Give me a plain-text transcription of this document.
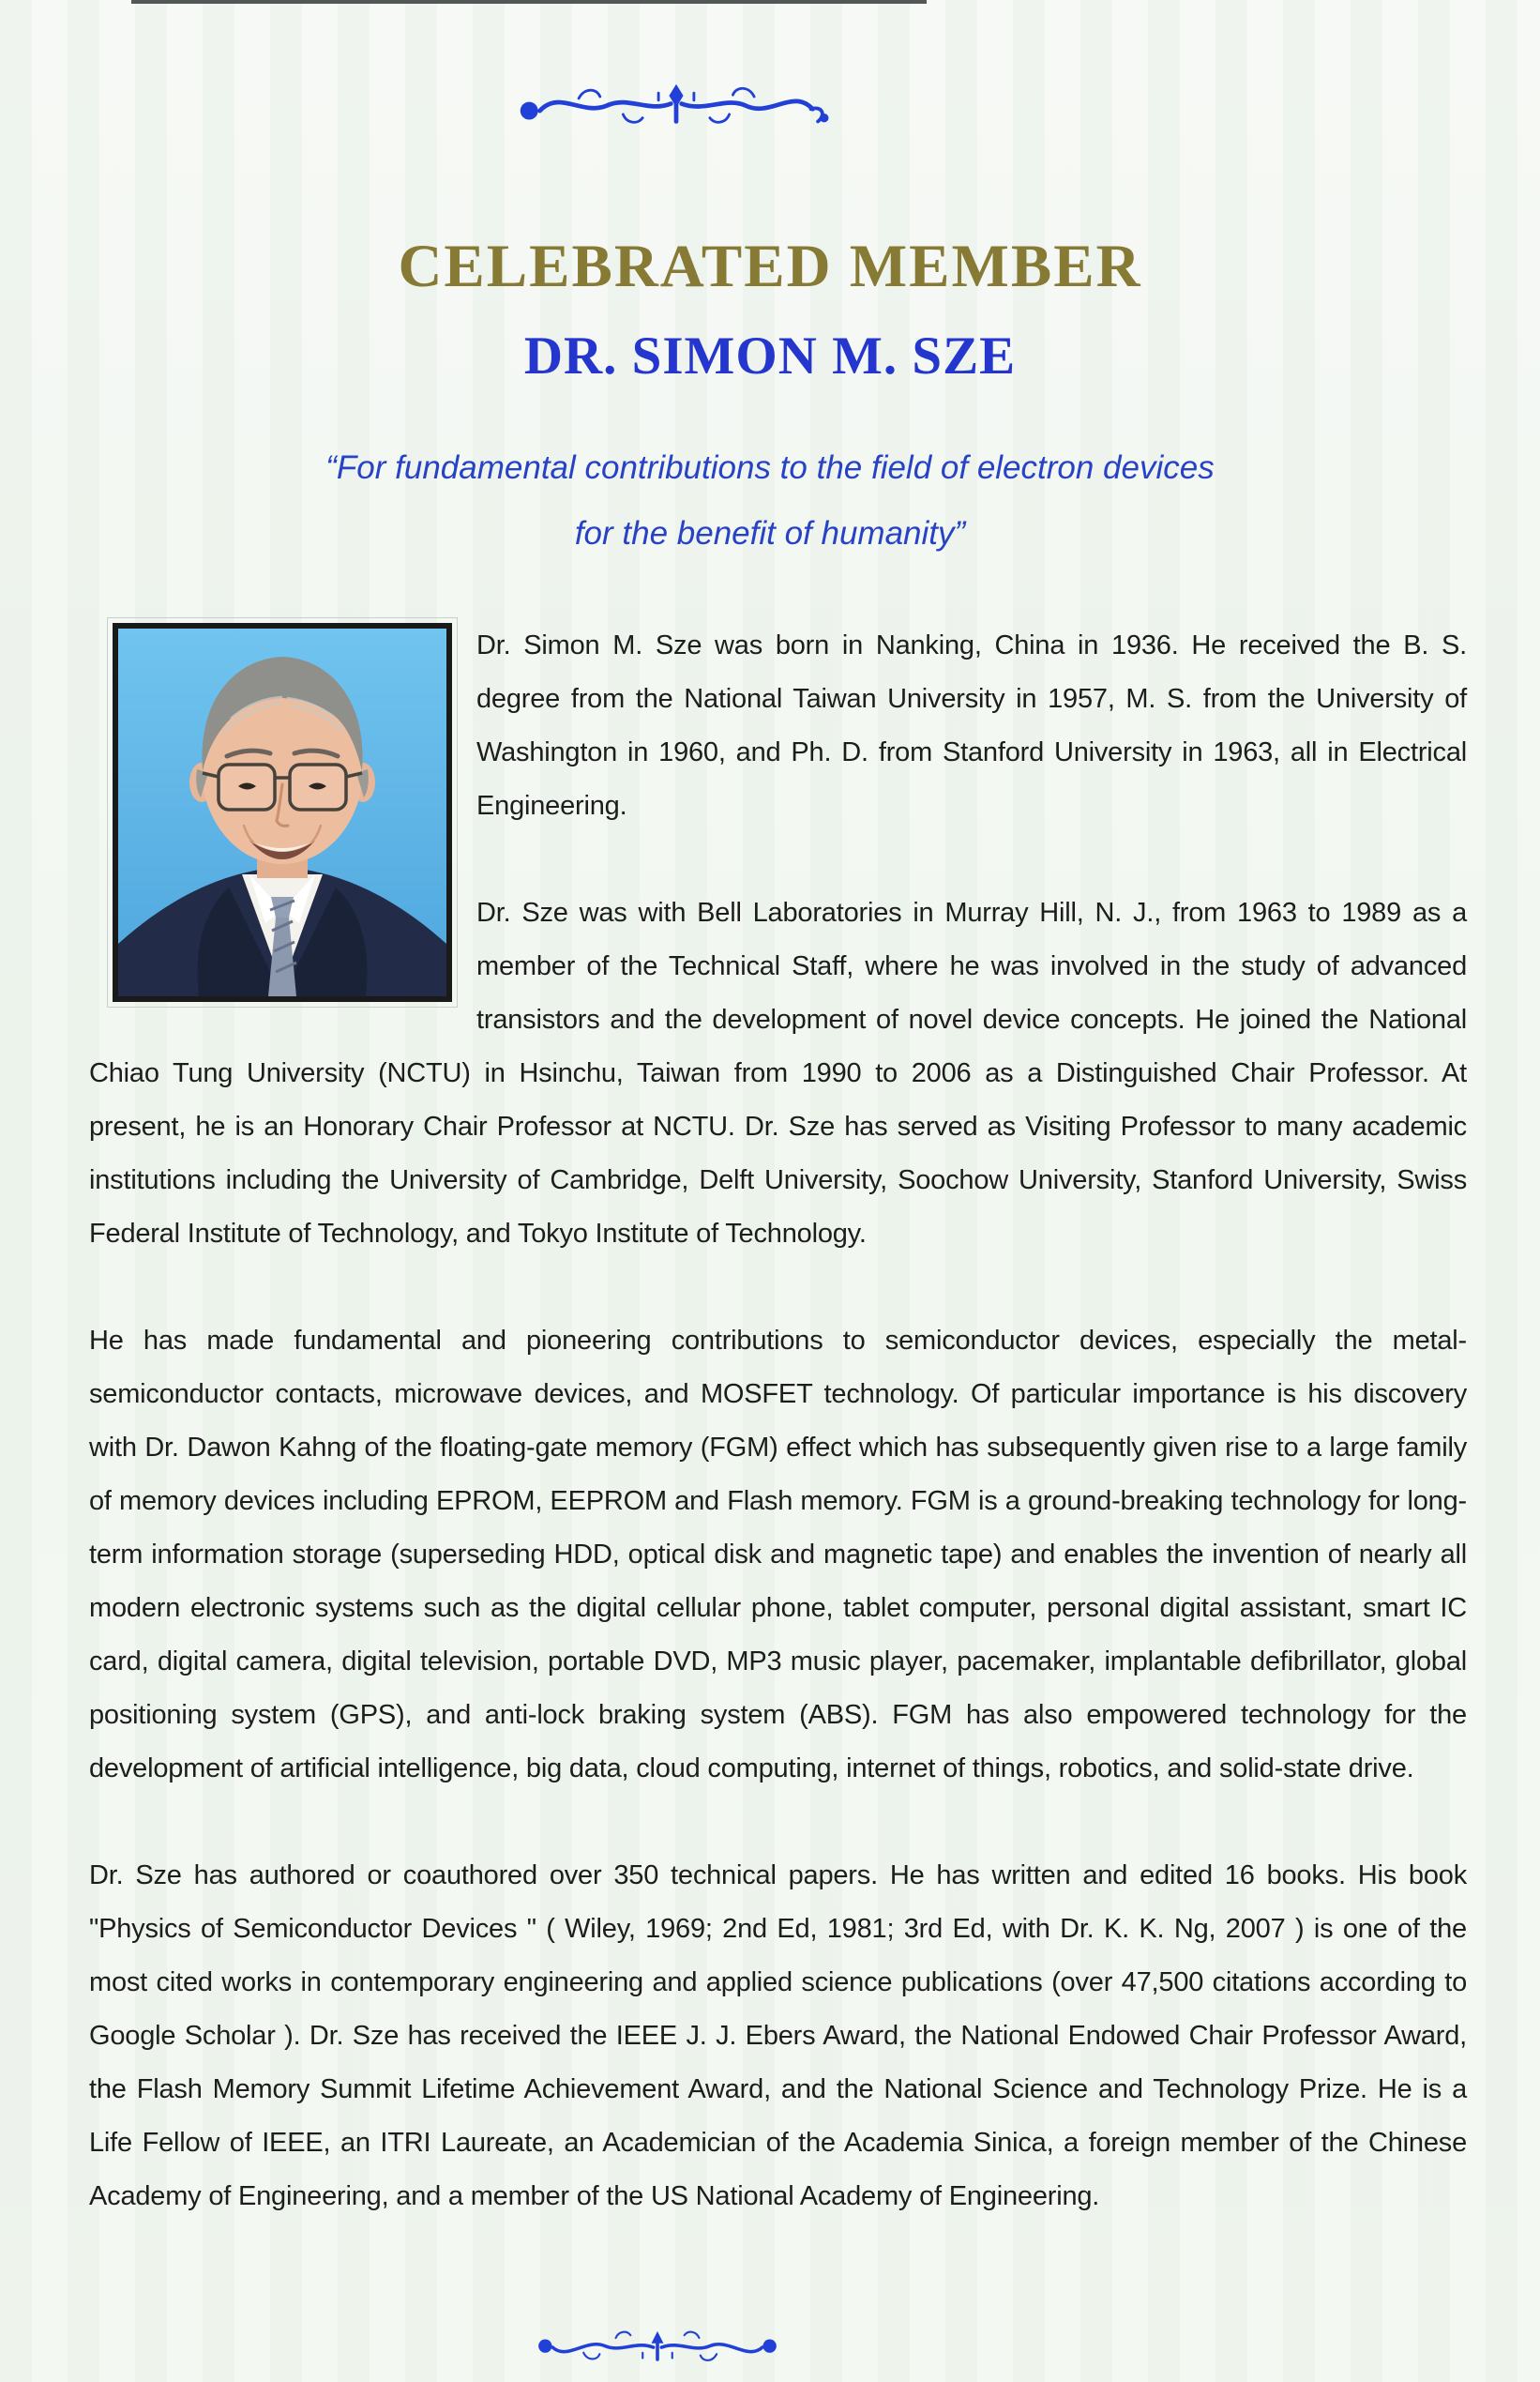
CELEBRATED MEMBER
DR. SIMON M. SZE
“For fundamental contributions to the field of electron devices
for the benefit of humanity”

Dr. Simon M. Sze was born in Nanking, China in 1936. He received the B. S. degree from the National Taiwan University in 1957, M. S. from the University of Washington in 1960, and Ph. D. from Stanford University in 1963, all in Electrical Engineering.

Dr. Sze was with Bell Laboratories in Murray Hill, N. J., from 1963 to 1989 as a member of the Technical Staff, where he was involved in the study of advanced transistors and the development of novel device concepts. He joined the National Chiao Tung University (NCTU) in Hsinchu, Taiwan from 1990 to 2006 as a Distinguished Chair Professor. At present, he is an Honorary Chair Professor at NCTU. Dr. Sze has served as Visiting Professor to many academic institutions including the University of Cambridge, Delft University, Soochow University, Stanford University, Swiss Federal Institute of Technology, and Tokyo Institute of Technology.

He has made fundamental and pioneering contributions to semiconductor devices, especially the metal-semiconductor contacts, microwave devices, and MOSFET technology. Of particular importance is his discovery with Dr. Dawon Kahng of the floating-gate memory (FGM) effect which has subsequently given rise to a large family of memory devices including EPROM, EEPROM and Flash memory. FGM is a ground-breaking technology for long-term information storage (superseding HDD, optical disk and magnetic tape) and enables the invention of nearly all modern electronic systems such as the digital cellular phone, tablet computer, personal digital assistant, smart IC card, digital camera, digital television, portable DVD, MP3 music player, pacemaker, implantable defibrillator, global positioning system (GPS), and anti-lock braking system (ABS). FGM has also empowered technology for the development of artificial intelligence, big data, cloud computing, internet of things, robotics, and solid-state drive.

Dr. Sze has authored or coauthored over 350 technical papers. He has written and edited 16 books. His book "Physics of Semiconductor Devices " ( Wiley, 1969; 2nd Ed, 1981; 3rd Ed, with Dr. K. K. Ng, 2007 ) is one of the most cited works in contemporary engineering and applied science publications (over 47,500 citations according to Google Scholar ). Dr. Sze has received the IEEE J. J. Ebers Award, the National Endowed Chair Professor Award, the Flash Memory Summit Lifetime Achievement Award, and the National Science and Technology Prize. He is a Life Fellow of IEEE, an ITRI Laureate, an Academician of the Academia Sinica, a foreign member of the Chinese Academy of Engineering, and a member of the US National Academy of Engineering.
